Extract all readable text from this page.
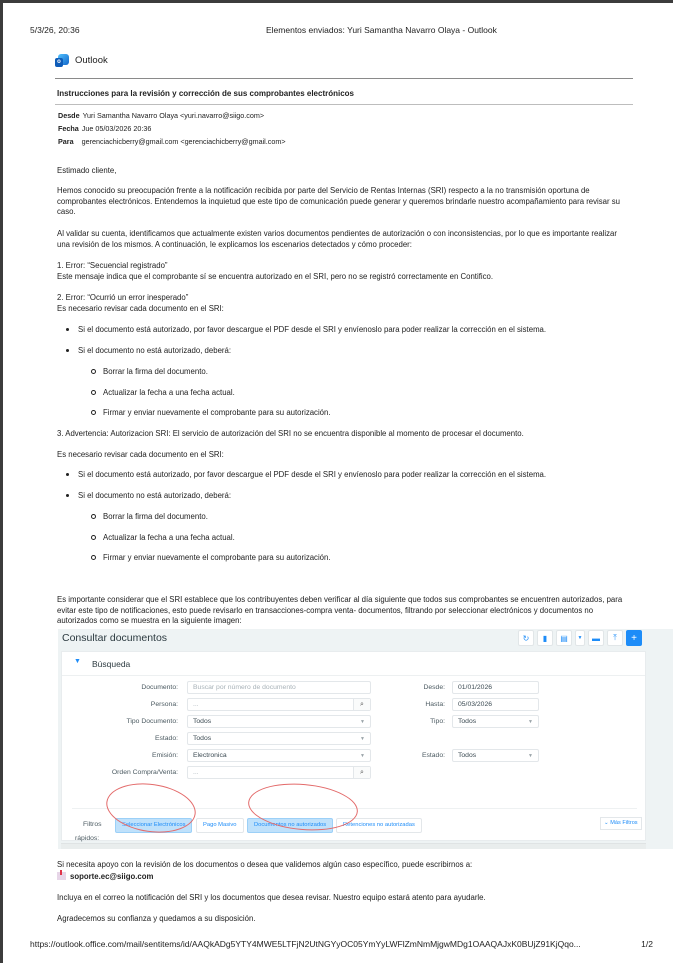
5/3/26, 20:36	Elementos enviados: Yuri Samantha Navarro Olaya - Outlook
o Outlook
Instrucciones para la revisión y corrección de sus comprobantes electrónicos
Desde Yuri Samantha Navarro Olaya <yuri.navarro@siigo.com>
Fecha Jue 05/03/2026 20:36
Para gerenciachicberry@gmail.com <gerenciachicberry@gmail.com>
Estimado cliente,
Hemos conocido su preocupación frente a la notificación recibida por parte del Servicio de Rentas Internas (SRI) respecto a la no transmisión oportuna de comprobantes electrónicos. Entendemos la inquietud que este tipo de comunicación puede generar y queremos brindarle nuestro acompañamiento para revisar su caso.
Al validar su cuenta, identificamos que actualmente existen varios documentos pendientes de autorización o con inconsistencias, por lo que es importante realizar una revisión de los mismos. A continuación, le explicamos los escenarios detectados y cómo proceder:
1. Error: “Secuencial registrado”
Este mensaje indica que el comprobante sí se encuentra autorizado en el SRI, pero no se registró correctamente en Contifico.
2. Error: “Ocurrió un error inesperado”
Es necesario revisar cada documento en el SRI:
Si el documento está autorizado, por favor descargue el PDF desde el SRI y envíenoslo para poder realizar la corrección en el sistema.
Si el documento no está autorizado, deberá:
Borrar la firma del documento.
Actualizar la fecha a una fecha actual.
Firmar y enviar nuevamente el comprobante para su autorización.
3. Advertencia: Autorizacion SRI: El servicio de autorización del SRI no se encuentra disponible al momento de procesar el documento.
Es necesario revisar cada documento en el SRI:
Si el documento está autorizado, por favor descargue el PDF desde el SRI y envíenoslo para poder realizar la corrección en el sistema.
Si el documento no está autorizado, deberá:
Borrar la firma del documento.
Actualizar la fecha a una fecha actual.
Firmar y enviar nuevamente el comprobante para su autorización.
Es importante considerar que el SRI establece que los contribuyentes deben verificar al día siguiente que todos sus comprobantes se encuentren autorizados, para evitar este tipo de notificaciones, esto puede revisarlo en transacciones-compra venta- documentos, filtrando por seleccionar electrónicos y documentos no autorizados como se muestra en la siguiente imagen:
Consultar documentos	↻	▮	▤	▼	▬	⤒	+
▼ Búsqueda
Documento:	Buscar por número de documento
Persona:	...	⌕
Tipo Documento:	Todos	▼
Estado:	Todos	▼
Emisión:	Electronica	▼
Orden Compra/Venta:	...	⌕
Desde:	01/01/2026
Hasta:	05/03/2026
Tipo:	Todos	▼
Estado:	Todos	▼
Filtros
rápidos:
Seleccionar Electrónicos	Pago Masivo	Documentos no autorizados	Retenciones no autorizadas	⌄ Más Filtros
Si necesita apoyo con la revisión de los documentos o desea que validemos algún caso específico, puede escribirnos a:
soporte.ec@siigo.com
Incluya en el correo la notificación del SRI y los documentos que desea revisar. Nuestro equipo estará atento para ayudarle.
Agradecemos su confianza y quedamos a su disposición.
https://outlook.office.com/mail/sentitems/id/AAQkADg5YTY4MWE5LTFjN2UtNGYyOC05YmYyLWFlZmNmMjgwMDg1OAAQAJxK0BUjZ91KjQqo...	1/2
